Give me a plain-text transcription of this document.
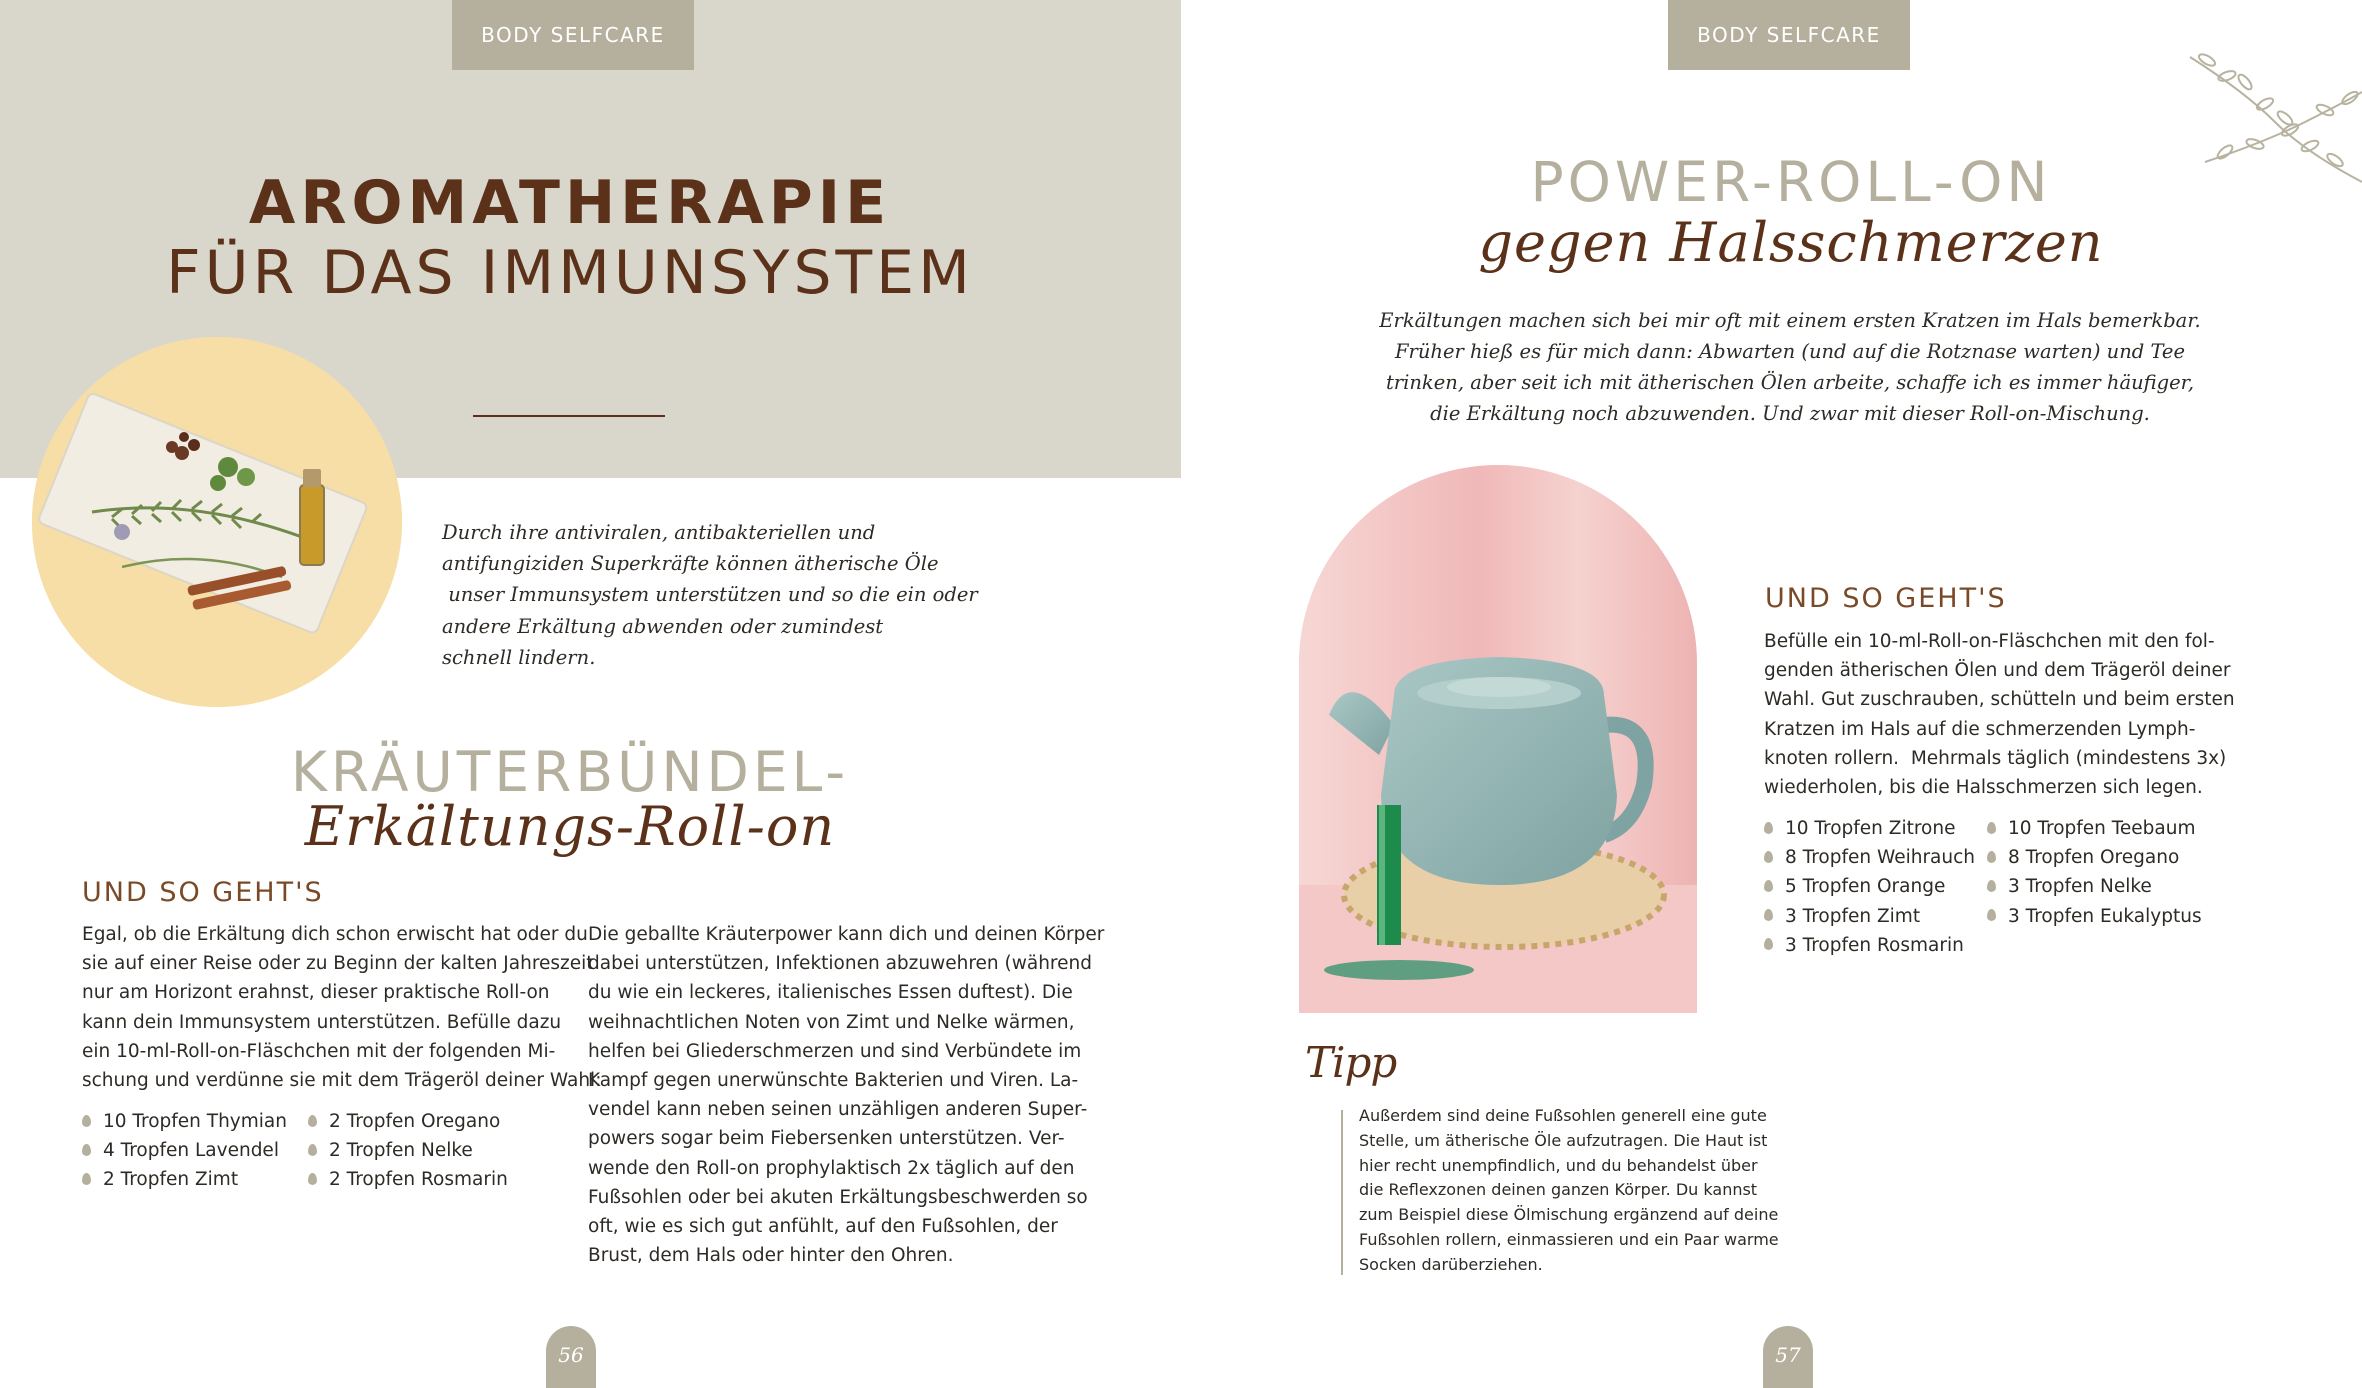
BODY SELFCARE
AROMATHERAPIE
FÜR DAS IMMUNSYSTEM

Durch ihre antiviralen, antibakteriellen und

antifungiziden Superkräfte können ätherische Öle

unser Immunsystem unterstützen und so die ein oder

andere Erkältung abwenden oder zumindest

schnell lindern.

KRÄUTERBÜNDEL-
Erkältungs-Roll-on
UND SO GEHT'S

Egal, ob die Erkältung dich schon erwischt hat oder du

sie auf einer Reise oder zu Beginn der kalten Jahreszeit

nur am Horizont erahnst, dieser praktische Roll-on

kann dein Immunsystem unterstützen. Befülle dazu

ein 10-ml-Roll-on-Fläschchen mit der folgenden Mi-

schung und verdünne sie mit dem Trägeröl deiner Wahl:

10 Tropfen Thymian
4 Tropfen Lavendel
2 Tropfen Zimt
2 Tropfen Oregano
2 Tropfen Nelke
2 Tropfen Rosmarin

Die geballte Kräuterpower kann dich und deinen Körper

dabei unterstützen, Infektionen abzuwehren (während

du wie ein leckeres, italienisches Essen duftest). Die

weihnachtlichen Noten von Zimt und Nelke wärmen,

helfen bei Gliederschmerzen und sind Verbündete im

Kampf gegen unerwünschte Bakterien und Viren. La-

vendel kann neben seinen unzähligen anderen Super-

powers sogar beim Fiebersenken unterstützen. Ver-

wende den Roll-on prophylaktisch 2x täglich auf den

Fußsohlen oder bei akuten Erkältungsbeschwerden so

oft, wie es sich gut anfühlt, auf den Fußsohlen, der

Brust, dem Hals oder hinter den Ohren.

56
BODY SELFCARE
POWER-ROLL-ON
gegen Halsschmerzen

Erkältungen machen sich bei mir oft mit einem ersten Kratzen im Hals bemerkbar.

Früher hieß es für mich dann: Abwarten (und auf die Rotznase warten) und Tee

trinken, aber seit ich mit ätherischen Ölen arbeite, schaffe ich es immer häufiger,

die Erkältung noch abzuwenden. Und zwar mit dieser Roll-on-Mischung.

UND SO GEHT'S

Befülle ein 10-ml-Roll-on-Fläschchen mit den fol-

genden ätherischen Ölen und dem Trägeröl deiner

Wahl. Gut zuschrauben, schütteln und beim ersten

Kratzen im Hals auf die schmerzenden Lymph-

knoten rollern.  Mehrmals täglich (mindestens 3x)

wiederholen, bis die Halsschmerzen sich legen.

10 Tropfen Zitrone
8 Tropfen Weihrauch
5 Tropfen Orange
3 Tropfen Zimt
3 Tropfen Rosmarin
10 Tropfen Teebaum
8 Tropfen Oregano
3 Tropfen Nelke
3 Tropfen Eukalyptus
Tipp

Außerdem sind deine Fußsohlen generell eine gute

Stelle, um ätherische Öle aufzutragen. Die Haut ist

hier recht unempfindlich, und du behandelst über

die Reflexzonen deinen ganzen Körper. Du kannst

zum Beispiel diese Ölmischung ergänzend auf deine

Fußsohlen rollern, einmassieren und ein Paar warme

Socken darüberziehen.

57
